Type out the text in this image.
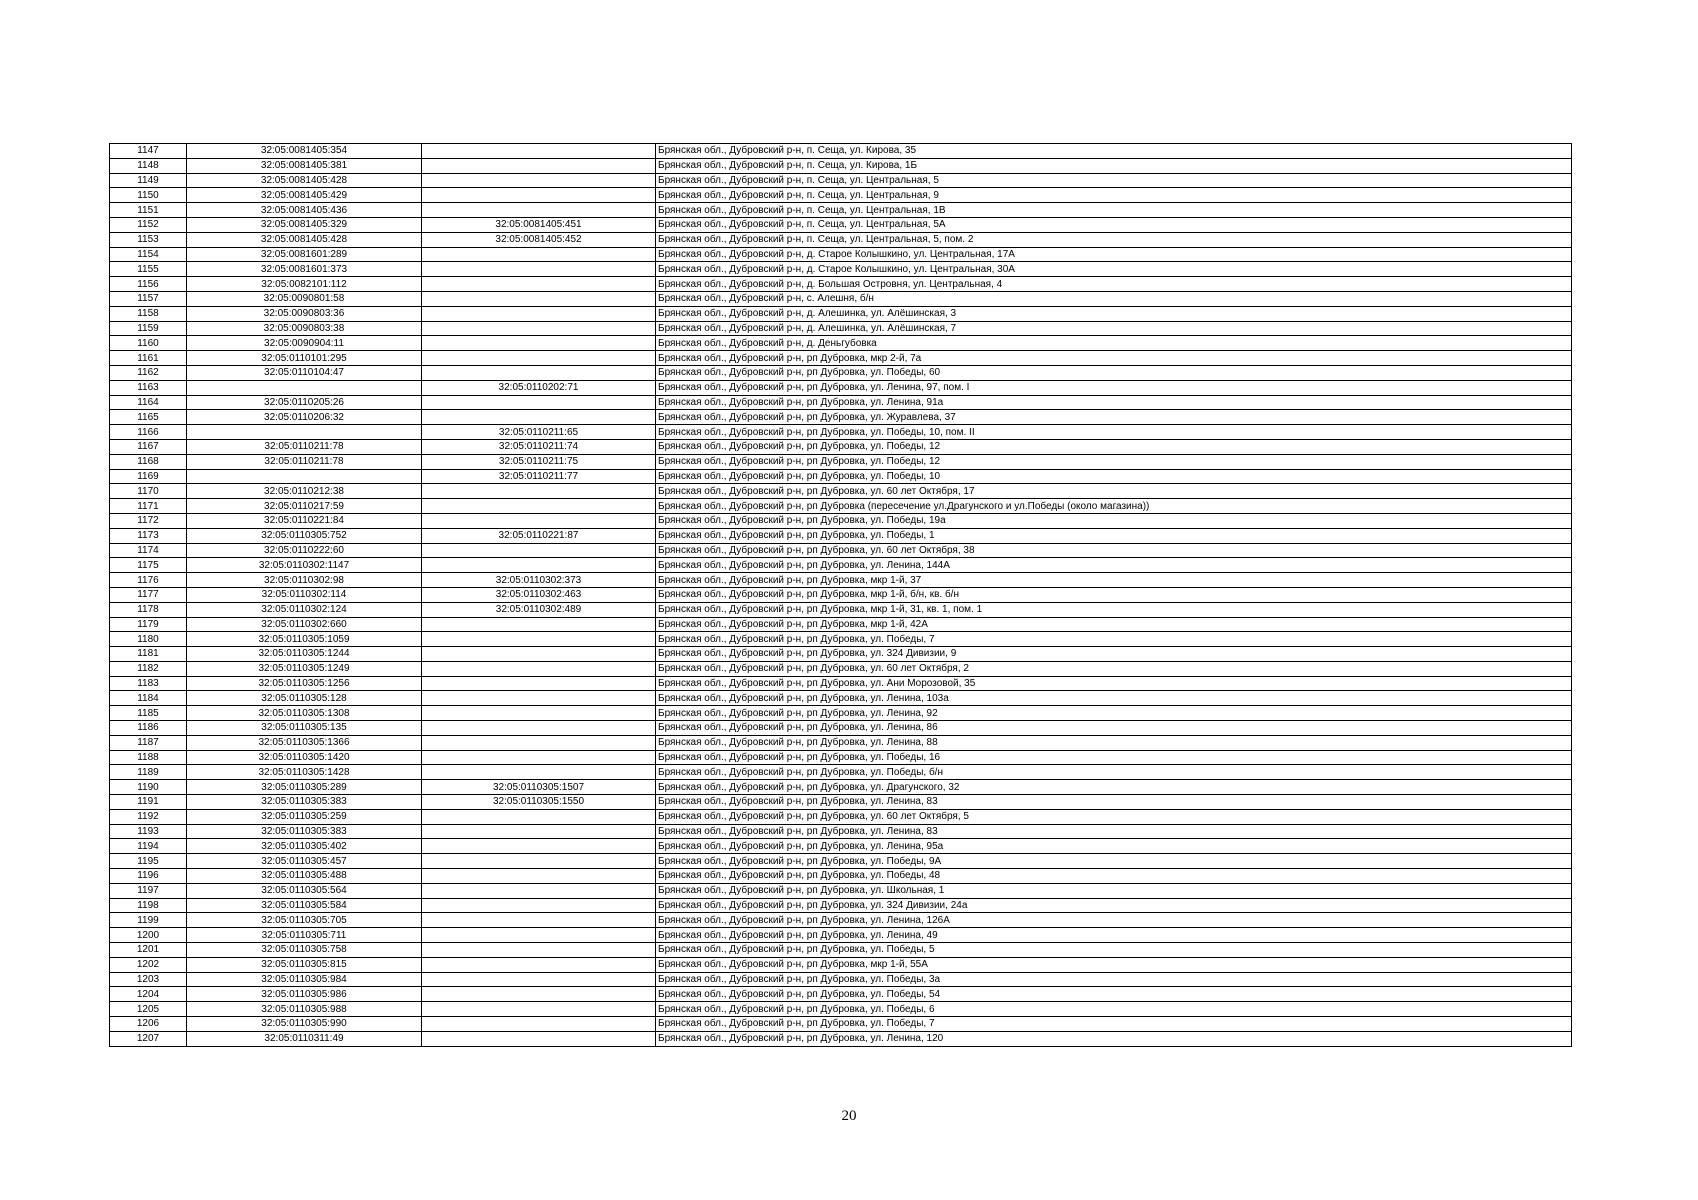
1147	32:05:0081405:354		Брянская обл., Дубровский р-н, п. Сеща, ул. Кирова, 35
1148	32:05:0081405:381		Брянская обл., Дубровский р-н, п. Сеща, ул. Кирова, 1Б
1149	32:05:0081405:428		Брянская обл., Дубровский р-н, п. Сеща, ул. Центральная, 5
1150	32:05:0081405:429		Брянская обл., Дубровский р-н, п. Сеща, ул. Центральная, 9
1151	32:05:0081405:436		Брянская обл., Дубровский р-н, п. Сеща, ул. Центральная, 1В
1152	32:05:0081405:329	32:05:0081405:451	Брянская обл., Дубровский р-н, п. Сеща, ул. Центральная, 5А
1153	32:05:0081405:428	32:05:0081405:452	Брянская обл., Дубровский р-н, п. Сеща, ул. Центральная, 5, пом. 2
1154	32:05:0081601:289		Брянская обл., Дубровский р-н, д. Старое Колышкино, ул. Центральная, 17А
1155	32:05:0081601:373		Брянская обл., Дубровский р-н, д. Старое Колышкино, ул. Центральная, 30А
1156	32:05:0082101:112		Брянская обл., Дубровский р-н, д. Большая Островня, ул. Центральная, 4
1157	32:05:0090801:58		Брянская обл., Дубровский р-н, с. Алешня, б/н
1158	32:05:0090803:36		Брянская обл., Дубровский р-н, д. Алешинка, ул. Алёшинская, 3
1159	32:05:0090803:38		Брянская обл., Дубровский р-н, д. Алешинка, ул. Алёшинская, 7
1160	32:05:0090904:11		Брянская обл., Дубровский р-н, д. Деньгубовка
1161	32:05:0110101:295		Брянская обл., Дубровский р-н, рп Дубровка, мкр 2-й, 7а
1162	32:05:0110104:47		Брянская обл., Дубровский р-н, рп Дубровка, ул. Победы, 60
1163		32:05:0110202:71	Брянская обл., Дубровский р-н, рп Дубровка, ул. Ленина, 97, пом. I
1164	32:05:0110205:26		Брянская обл., Дубровский р-н, рп Дубровка, ул. Ленина, 91а
1165	32:05:0110206:32		Брянская обл., Дубровский р-н, рп Дубровка, ул. Журавлева, 37
1166		32:05:0110211:65	Брянская обл., Дубровский р-н, рп Дубровка, ул. Победы, 10, пом. II
1167	32:05:0110211:78	32:05:0110211:74	Брянская обл., Дубровский р-н, рп Дубровка, ул. Победы, 12
1168	32:05:0110211:78	32:05:0110211:75	Брянская обл., Дубровский р-н, рп Дубровка, ул. Победы, 12
1169		32:05:0110211:77	Брянская обл., Дубровский р-н, рп Дубровка, ул. Победы, 10
1170	32:05:0110212:38		Брянская обл., Дубровский р-н, рп Дубровка, ул. 60 лет Октября, 17
1171	32:05:0110217:59		Брянская обл., Дубровский р-н, рп Дубровка (пересечение ул.Драгунского и ул.Победы (около магазина))
1172	32:05:0110221:84		Брянская обл., Дубровский р-н, рп Дубровка, ул. Победы, 19а
1173	32:05:0110305:752	32:05:0110221:87	Брянская обл., Дубровский р-н, рп Дубровка, ул. Победы, 1
1174	32:05:0110222:60		Брянская обл., Дубровский р-н, рп Дубровка, ул. 60 лет Октября, 38
1175	32:05:0110302:1147		Брянская обл., Дубровский р-н, рп Дубровка, ул. Ленина, 144А
1176	32:05:0110302:98	32:05:0110302:373	Брянская обл., Дубровский р-н, рп Дубровка, мкр 1-й, 37
1177	32:05:0110302:114	32:05:0110302:463	Брянская обл., Дубровский р-н, рп Дубровка, мкр 1-й, б/н, кв. б/н
1178	32:05:0110302:124	32:05:0110302:489	Брянская обл., Дубровский р-н, рп Дубровка, мкр 1-й, 31, кв. 1, пом. 1
1179	32:05:0110302:660		Брянская обл., Дубровский р-н, рп Дубровка, мкр 1-й, 42А
1180	32:05:0110305:1059		Брянская обл., Дубровский р-н, рп Дубровка, ул. Победы, 7
1181	32:05:0110305:1244		Брянская обл., Дубровский р-н, рп Дубровка, ул. 324 Дивизии, 9
1182	32:05:0110305:1249		Брянская обл., Дубровский р-н, рп Дубровка, ул. 60 лет Октября, 2
1183	32:05:0110305:1256		Брянская обл., Дубровский р-н, рп Дубровка, ул. Ани Морозовой, 35
1184	32:05:0110305:128		Брянская обл., Дубровский р-н, рп Дубровка, ул. Ленина, 103а
1185	32:05:0110305:1308		Брянская обл., Дубровский р-н, рп Дубровка, ул. Ленина, 92
1186	32:05:0110305:135		Брянская обл., Дубровский р-н, рп Дубровка, ул. Ленина, 86
1187	32:05:0110305:1366		Брянская обл., Дубровский р-н, рп Дубровка, ул. Ленина, 88
1188	32:05:0110305:1420		Брянская обл., Дубровский р-н, рп Дубровка, ул. Победы, 16
1189	32:05:0110305:1428		Брянская обл., Дубровский р-н, рп Дубровка, ул. Победы, б/н
1190	32:05:0110305:289	32:05:0110305:1507	Брянская обл., Дубровский р-н, рп Дубровка, ул. Драгунского, 32
1191	32:05:0110305:383	32:05:0110305:1550	Брянская обл., Дубровский р-н, рп Дубровка, ул. Ленина, 83
1192	32:05:0110305:259		Брянская обл., Дубровский р-н, рп Дубровка, ул. 60 лет Октября, 5
1193	32:05:0110305:383		Брянская обл., Дубровский р-н, рп Дубровка, ул. Ленина, 83
1194	32:05:0110305:402		Брянская обл., Дубровский р-н, рп Дубровка, ул. Ленина, 95а
1195	32:05:0110305:457		Брянская обл., Дубровский р-н, рп Дубровка, ул. Победы, 9А
1196	32:05:0110305:488		Брянская обл., Дубровский р-н, рп Дубровка, ул. Победы, 48
1197	32:05:0110305:564		Брянская обл., Дубровский р-н, рп Дубровка, ул. Школьная, 1
1198	32:05:0110305:584		Брянская обл., Дубровский р-н, рп Дубровка, ул. 324 Дивизии, 24а
1199	32:05:0110305:705		Брянская обл., Дубровский р-н, рп Дубровка, ул. Ленина, 126А
1200	32:05:0110305:711		Брянская обл., Дубровский р-н, рп Дубровка, ул. Ленина, 49
1201	32:05:0110305:758		Брянская обл., Дубровский р-н, рп Дубровка, ул. Победы, 5
1202	32:05:0110305:815		Брянская обл., Дубровский р-н, рп Дубровка, мкр 1-й, 55А
1203	32:05:0110305:984		Брянская обл., Дубровский р-н, рп Дубровка, ул. Победы, 3а
1204	32:05:0110305:986		Брянская обл., Дубровский р-н, рп Дубровка, ул. Победы, 54
1205	32:05:0110305:988		Брянская обл., Дубровский р-н, рп Дубровка, ул. Победы, 6
1206	32:05:0110305:990		Брянская обл., Дубровский р-н, рп Дубровка, ул. Победы, 7
1207	32:05:0110311:49		Брянская обл., Дубровский р-н, рп Дубровка, ул. Ленина, 120
20
